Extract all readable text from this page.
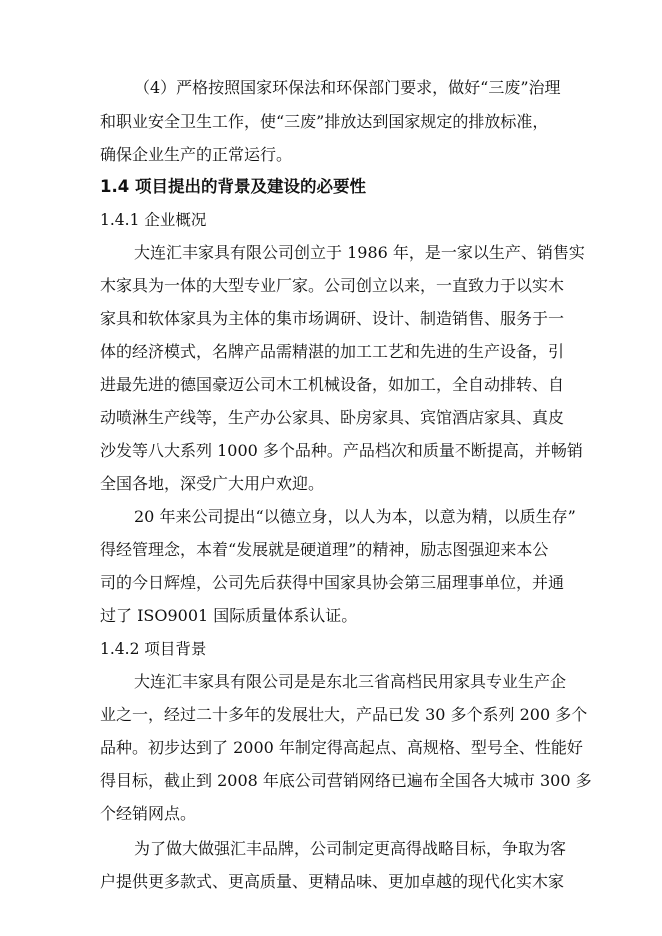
（4）严格按照国家环保法和环保部门要求，做好“三废”治理
和职业安全卫生工作，使“三废”排放达到国家规定的排放标准，
确保企业生产的正常运行。
1.4 项目提出的背景及建设的必要性
1.4.1 企业概况
大连汇丰家具有限公司创立于 1986 年，是一家以生产、销售实
木家具为一体的大型专业厂家。公司创立以来，一直致力于以实木
家具和软体家具为主体的集市场调研、设计、制造销售、服务于一
体的经济模式，名牌产品需精湛的加工工艺和先进的生产设备，引
进最先进的德国豪迈公司木工机械设备，如加工，全自动排转、自
动喷淋生产线等，生产办公家具、卧房家具、宾馆酒店家具、真皮
沙发等八大系列 1000 多个品种。产品档次和质量不断提高，并畅销
全国各地，深受广大用户欢迎。
20 年来公司提出“以德立身，以人为本，以意为精，以质生存”
得经管理念，本着“发展就是硬道理”的精神，励志图强迎来本公
司的今日辉煌，公司先后获得中国家具协会第三届理事单位，并通
过了 ISO9001 国际质量体系认证。
1.4.2 项目背景
大连汇丰家具有限公司是是东北三省高档民用家具专业生产企
业之一，经过二十多年的发展壮大，产品已发 30 多个系列 200 多个
品种。初步达到了 2000 年制定得高起点、高规格、型号全、性能好
得目标，截止到 2008 年底公司营销网络已遍布全国各大城市 300 多
个经销网点。
为了做大做强汇丰品牌，公司制定更高得战略目标，争取为客
户提供更多款式、更高质量、更精品味、更加卓越的现代化实木家
